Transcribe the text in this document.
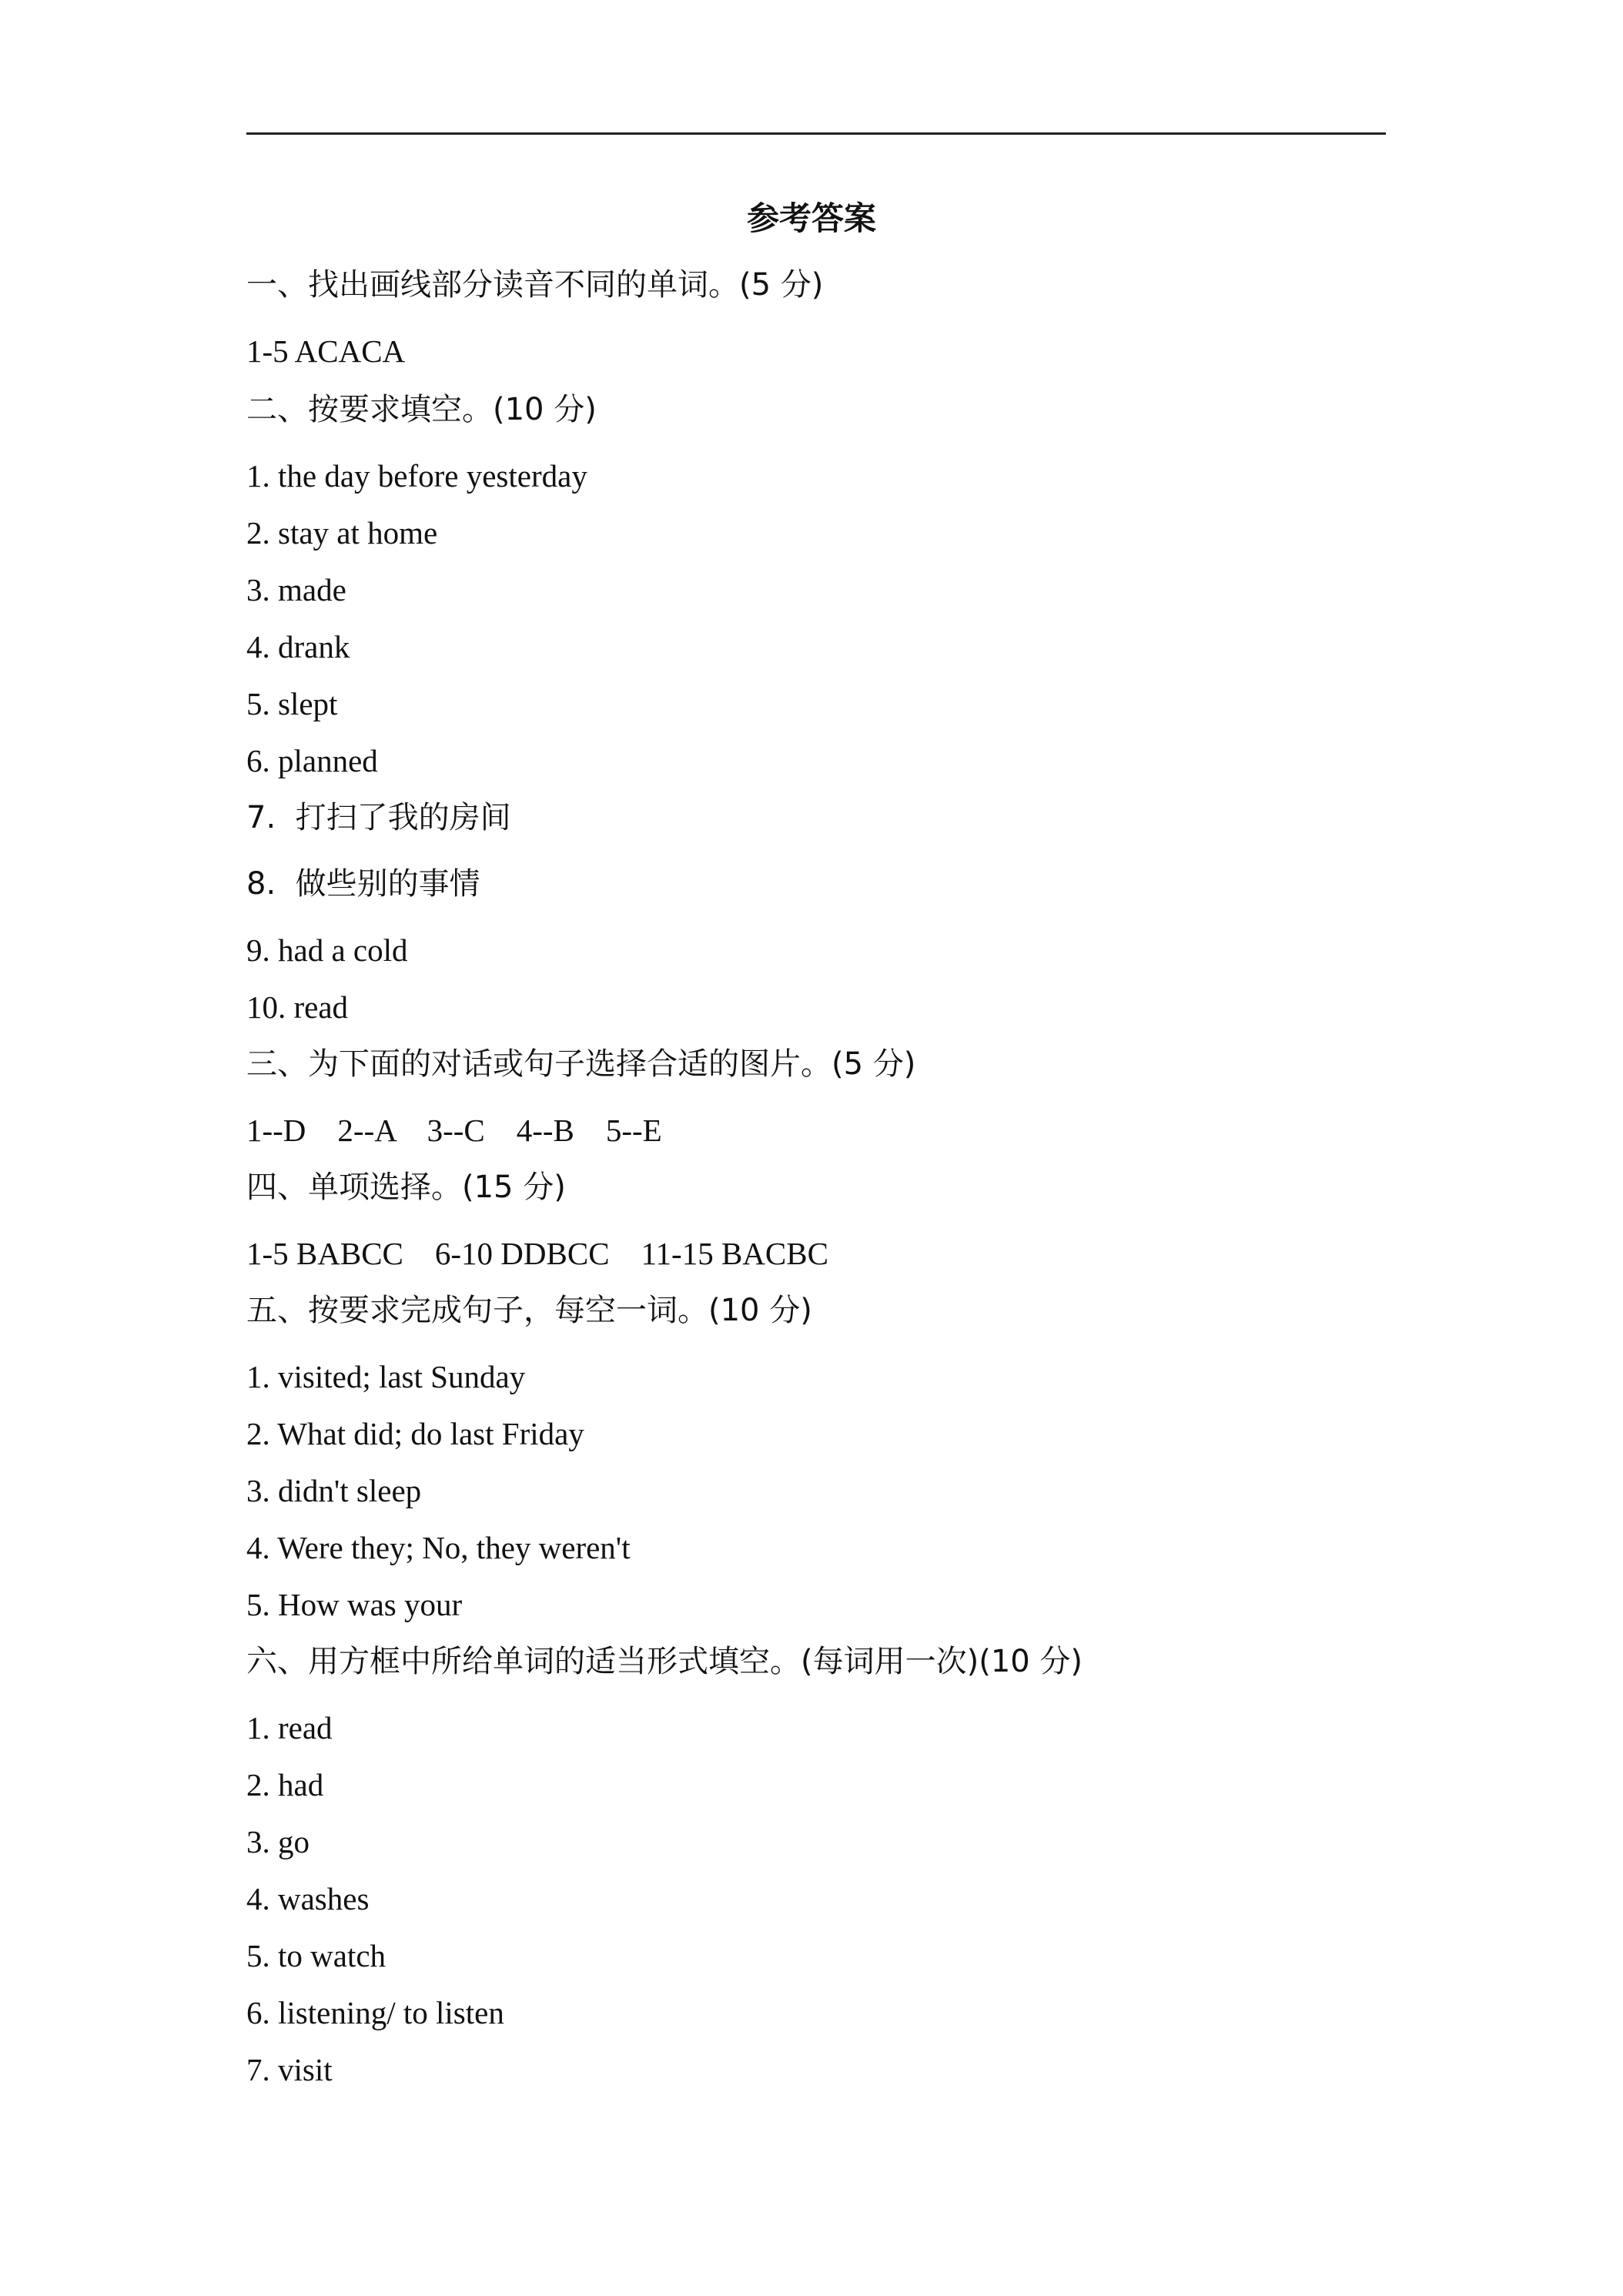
参考答案
一、找出画线部分读音不同的单词。(5 分)
1-5 ACACA
二、按要求填空。(10 分)
1. the day before yesterday
2. stay at home
3. made
4. drank
5. slept
6. planned
7.  打扫了我的房间
8.  做些别的事情
9. had a cold
10. read
三、为下面的对话或句子选择合适的图片。(5 分)
1--D    2--A    3--C    4--B    5--E
四、单项选择。(15 分)
1-5 BABCC    6-10 DDBCC    11-15 BACBC
五、按要求完成句子，每空一词。(10 分)
1. visited; last Sunday
2. What did; do last Friday
3. didn't sleep
4. Were they; No, they weren't
5. How was your
六、用方框中所给单词的适当形式填空。(每词用一次)(10 分)
1. read
2. had
3. go
4. washes
5. to watch
6. listening/ to listen
7. visit
